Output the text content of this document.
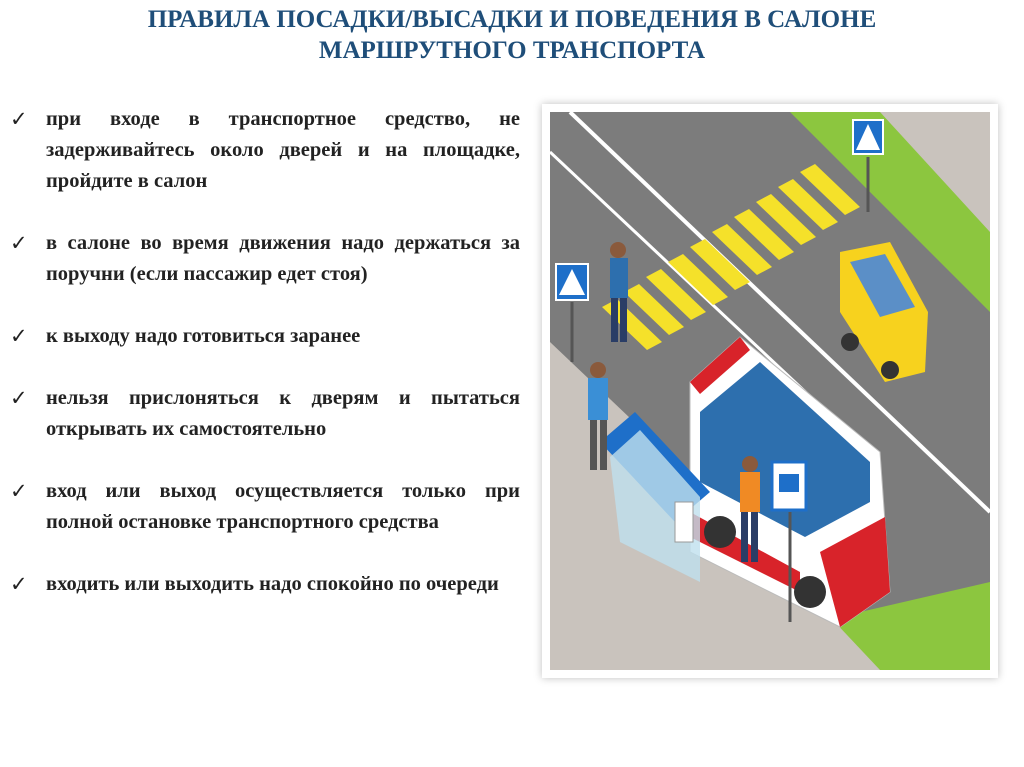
ПРАВИЛА ПОСАДКИ/ВЫСАДКИ И ПОВЕДЕНИЯ В САЛОНЕ
МАРШРУТНОГО ТРАНСПОРТА
✓ при входе в транспортное средство, не задерживайтесь около дверей и на площадке, пройдите в салон
✓ в салоне во время движения надо держаться за поручни (если пассажир едет стоя)
✓ к выходу надо готовиться заранее
✓ нельзя прислоняться к дверям и пытаться открывать их самостоятельно
✓ вход или выход осуществляется только при полной остановке транспортного средства
✓ входить или выходить надо спокойно по очереди
